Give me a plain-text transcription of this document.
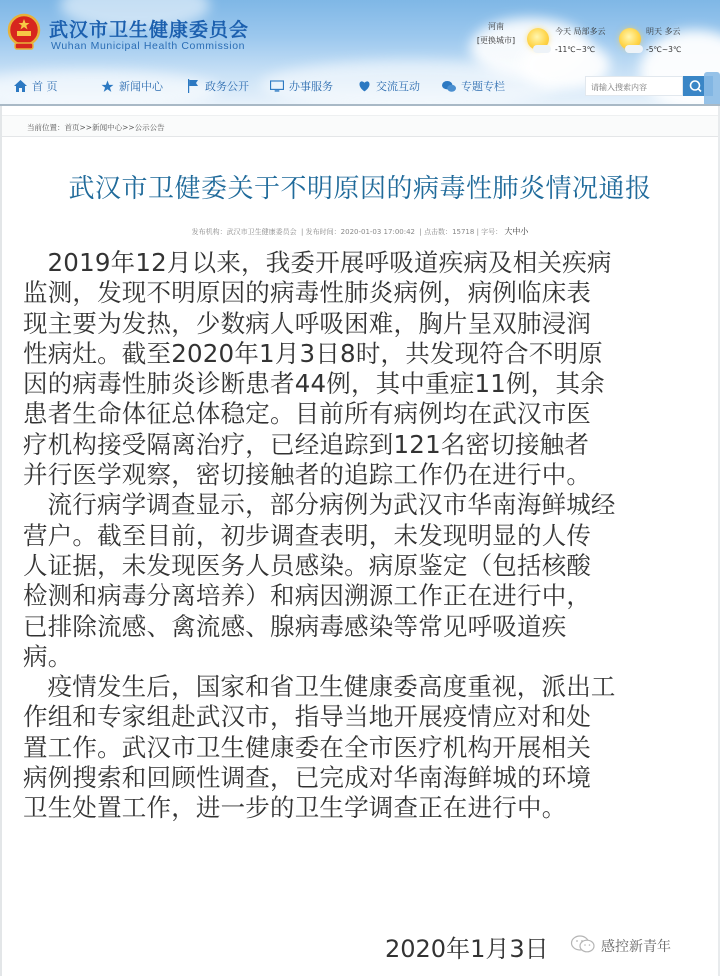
武汉市卫生健康委员会
Wuhan Municipal Health Commission
河南
[更换城市]
今天 局部多云
-11℃~3℃
明天 多云
-5℃~3℃
首 页	新闻中心	政务公开	办事服务	交流互动	专题专栏	请输入搜索内容
当前位置：首页>>新闻中心>>公示公告
武汉市卫健委关于不明原因的病毒性肺炎情况通报
发布机构：武汉市卫生健康委员会  | 发布时间：2020-01-03 17:00:42  | 点击数：15718 | 字号： 大中小
2019年12月以来，我委开展呼吸道疾病及相关疾病
监测，发现不明原因的病毒性肺炎病例，病例临床表
现主要为发热，少数病人呼吸困难，胸片呈双肺浸润
性病灶。截至2020年1月3日8时，共发现符合不明原
因的病毒性肺炎诊断患者44例，其中重症11例，其余
患者生命体征总体稳定。目前所有病例均在武汉市医
疗机构接受隔离治疗，已经追踪到121名密切接触者
并行医学观察，密切接触者的追踪工作仍在进行中。
流行病学调查显示，部分病例为武汉市华南海鲜城经
营户。截至目前，初步调查表明，未发现明显的人传
人证据，未发现医务人员感染。病原鉴定（包括核酸
检测和病毒分离培养）和病因溯源工作正在进行中，
已排除流感、禽流感、腺病毒感染等常见呼吸道疾
病。
疫情发生后，国家和省卫生健康委高度重视，派出工
作组和专家组赴武汉市，指导当地开展疫情应对和处
置工作。武汉市卫生健康委在全市医疗机构开展相关
病例搜索和回顾性调查，已完成对华南海鲜城的环境
卫生处置工作，进一步的卫生学调查正在进行中。
2020年1月3日	感控新青年
